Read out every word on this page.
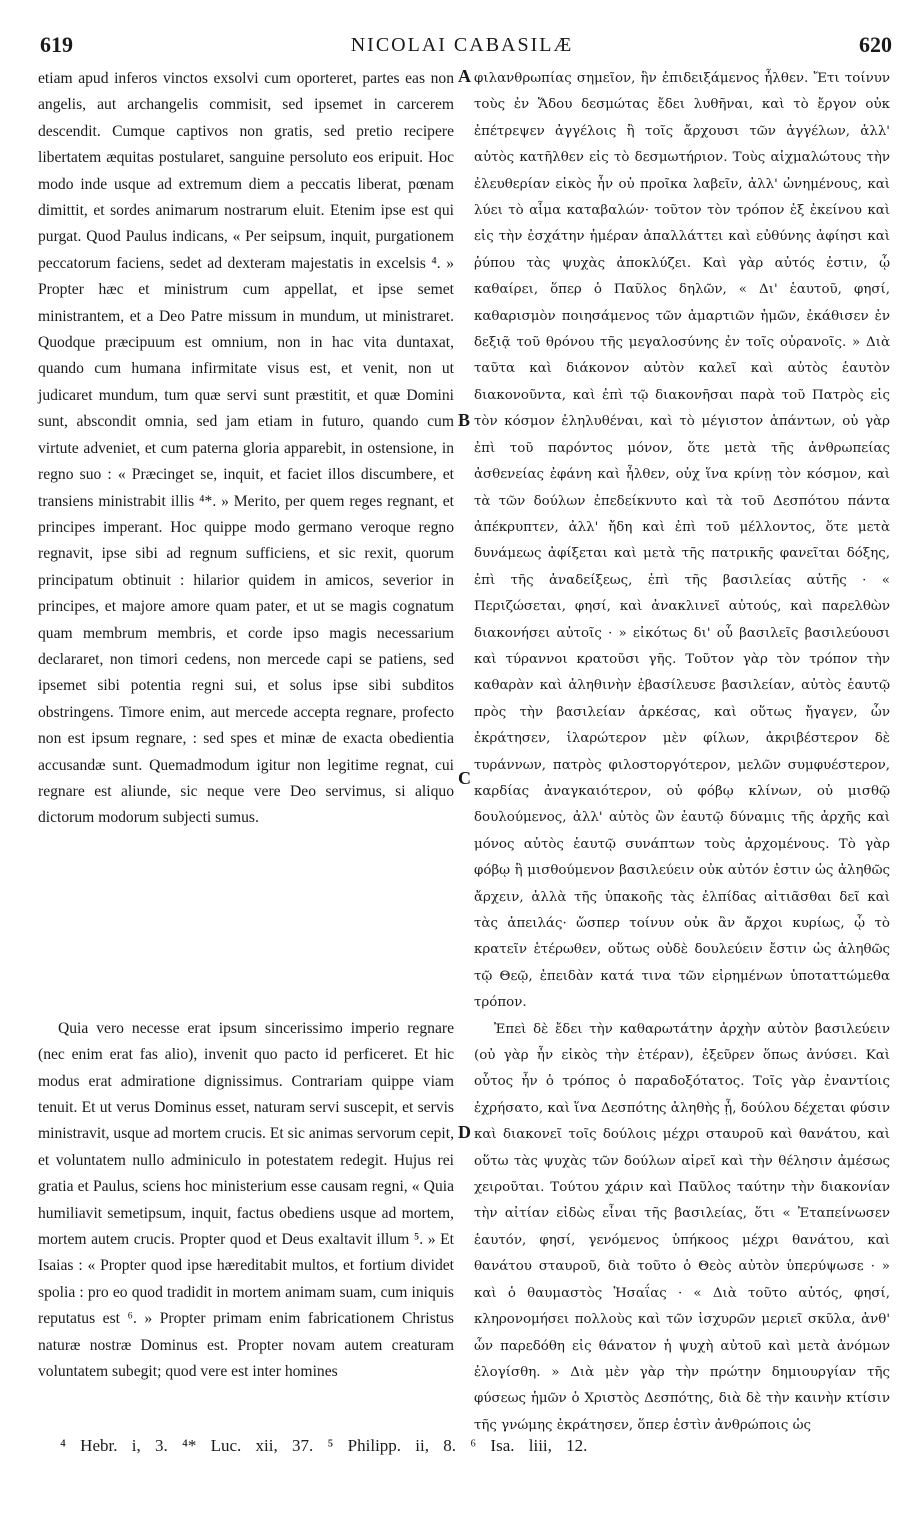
619	NICOLAI CABASILÆ	620

etiam apud inferos vinctos exsolvi cum oporteret, partes eas non angelis, aut archangelis commisit, sed ipsemet in carcerem descendit. Cumque captivos non gratis, sed pretio recipere libertatem æquitas postularet, sanguine persoluto eos eripuit. Hoc modo inde usque ad extremum diem a peccatis liberat, pœnam dimittit, et sordes animarum nostrarum eluit. Etenim ipse est qui purgat. Quod Paulus indicans, « Per seipsum, inquit, purgationem peccatorum faciens, sedet ad dexteram majestatis in excelsis ⁴. » Propter hæc et ministrum cum appellat, et ipse semet ministrantem, et a Deo Patre missum in mundum, ut ministraret. Quodque præcipuum est omnium, non in hac vita duntaxat, quando cum humana infirmitate visus est, et venit, non ut judicaret mundum, tum quæ servi sunt præstitit, et quæ Domini sunt, abscondit omnia, sed jam etiam in futuro, quando cum virtute adveniet, et cum paterna gloria apparebit, in ostensione, in regno suo : « Præcinget se, inquit, et faciet illos discumbere, et transiens ministrabit illis ⁴*. » Merito, per quem reges regnant, et principes imperant. Hoc quippe modo germano veroque regno regnavit, ipse sibi ad regnum sufficiens, et sic rexit, quorum principatum obtinuit : hilarior quidem in amicos, severior in principes, et majore amore quam pater, et ut se magis cognatum quam membrum membris, et corde ipso magis necessarium declararet, non timori cedens, non mercede capi se patiens, sed ipsemet sibi potentia regni sui, et solus ipse sibi subditos obstringens. Timore enim, aut mercede accepta regnare, profecto non est ipsum regnare, : sed spes et minæ de exacta obedientia accusandæ sunt. Quemadmodum igitur non legitime regnat, cui regnare est aliunde, sic neque vere Deo servimus, si aliquo dictorum modorum subjecti sumus.

Quia vero necesse erat ipsum sincerissimo imperio regnare (nec enim erat fas alio), invenit quo pacto id perficeret. Et hic modus erat admirationе dignissimus. Contrariam quippe viam tenuit. Et ut verus Dominus esset, naturam servi suscepit, et servis ministravit, usque ad mortem crucis. Et sic animas servorum cepit, et voluntatem nullo adminiculo in potestatem redegit. Hujus rei gratia et Paulus, sciens hoc ministerium esse causam regni, « Quia humiliavit semetipsum, inquit, factus obediens usque ad mortem, mortem autem crucis. Propter quod et Deus exaltavit illum ⁵. » Et Isaias : « Propter quod ipse hæreditabit multos, et fortium dividet spolia : pro eo quod tradidit in mortem animam suam, cum iniquis reputatus est ⁶. » Propter primam enim fabricationem Christus naturæ nostræ Dominus est. Propter novam autem creaturam voluntatem subegit; quod vere est inter homines

A
B
C
D

φιλανθρωπίας σημεῖον, ἣν ἐπιδειξάμενος ἦλθεν. Ἔτι τοίνυν τοὺς ἐν Ἅδου δεσμώτας ἔδει λυθῆναι, καὶ τὸ ἔργον οὐκ ἐπέτρεψεν ἀγγέλοις ἢ τοῖς ἄρχουσι τῶν ἀγγέλων, ἀλλ' αὐτὸς κατῆλθεν εἰς τὸ δεσμωτήριον. Τοὺς αἰχμαλώτους τὴν ἐλευθερίαν εἰκὸς ἦν οὐ προῖκα λαβεῖν, ἀλλ' ὠνημένους, καὶ λύει τὸ αἷμα καταβαλών· τοῦτον τὸν τρόπον ἐξ ἐκείνου καὶ εἰς τὴν ἐσχάτην ἡμέραν ἀπαλλάττει καὶ εὐθύνης ἀφίησι καὶ ῥύπου τὰς ψυχὰς ἀποκλύζει. Καὶ γὰρ αὐτός ἐστιν, ᾧ καθαίρει, ὅπερ ὁ Παῦλος δηλῶν, « Δι' ἑαυτοῦ, φησί, καθαρισμὸν ποιησάμενος τῶν ἁμαρτιῶν ἡμῶν, ἐκάθισεν ἐν δεξιᾷ τοῦ θρόνου τῆς μεγαλοσύνης ἐν τοῖς οὐρανοῖς. » Διὰ ταῦτα καὶ διάκονον αὐτὸν καλεῖ καὶ αὐτὸς ἑαυτὸν διακονοῦντα, καὶ ἐπὶ τῷ διακονῆσαι παρὰ τοῦ Πατρὸς εἰς τὸν κόσμον ἐληλυθέναι, καὶ τὸ μέγιστον ἁπάντων, οὐ γὰρ ἐπὶ τοῦ παρόντος μόνον, ὅτε μετὰ τῆς ἀνθρωπείας ἀσθενείας ἐφάνη καὶ ἦλθεν, οὐχ ἵνα κρίνῃ τὸν κόσμον, καὶ τὰ τῶν δούλων ἐπεδείκνυτο καὶ τὰ τοῦ Δεσπότου πάντα ἀπέκρυπτεν, ἀλλ' ἤδη καὶ ἐπὶ τοῦ μέλλοντος, ὅτε μετὰ δυνάμεως ἀφίξεται καὶ μετὰ τῆς πατρικῆς φανεῖται δόξης, ἐπὶ τῆς ἀναδείξεως, ἐπὶ τῆς βασιλείας αὐτῆς · « Περιζώσεται, φησί, καὶ ἀνακλινεῖ αὐτούς, καὶ παρελθὼν διακονήσει αὐτοῖς · » εἰκότως δι' οὗ βασιλεῖς βασιλεύουσι καὶ τύραννοι κρατοῦσι γῆς. Τοῦτον γὰρ τὸν τρόπον τὴν καθαρὰν καὶ ἀληθινὴν ἐβασίλευσε βασιλείαν, αὐτὸς ἑαυτῷ πρὸς τὴν βασιλείαν ἀρκέσας, καὶ οὕτως ἤγαγεν, ὧν ἐκράτησεν, ἱλαρώτερον μὲν φίλων, ἀκριβέστερον δὲ τυράννων, πατρὸς φιλοστοργότερον, μελῶν συμφυέστερον, καρδίας ἀναγκαιότερον, οὐ φόβῳ κλίνων, οὐ μισθῷ δουλούμενος, ἀλλ' αὐτὸς ὢν ἑαυτῷ δύναμις τῆς ἀρχῆς καὶ μόνος αὐτὸς ἑαυτῷ συνάπτων τοὺς ἀρχομένους. Τὸ γὰρ φόβῳ ἢ μισθούμενον βασιλεύειν οὐκ αὐτόν ἐστιν ὡς ἀληθῶς ἄρχειν, ἀλλὰ τῆς ὑπακοῆς τὰς ἐλπίδας αἰτιᾶσθαι δεῖ καὶ τὰς ἀπειλάς· ὥσπερ τοίνυν οὐκ ἂν ἄρχοι κυρίως, ᾧ τὸ κρατεῖν ἑτέρωθεν, οὕτως οὐδὲ δουλεύειν ἔστιν ὡς ἀληθῶς τῷ Θεῷ, ἐπειδὰν κατά τινα τῶν εἰρημένων ὑποταττώμεθα τρόπον.

Ἐπεὶ δὲ ἔδει τὴν καθαρωτάτην ἀρχὴν αὐτὸν βασιλεύειν (οὐ γὰρ ἦν εἰκὸς τὴν ἑτέραν), ἐξεῦρεν ὅπως ἀνύσει. Καὶ οὗτος ἦν ὁ τρόπος ὁ παραδοξότατος. Τοῖς γὰρ ἐναντίοις ἐχρήσατο, καὶ ἵνα Δεσπότης ἀληθὴς ᾖ, δούλου δέχεται φύσιν καὶ διακονεῖ τοῖς δούλοις μέχρι σταυροῦ καὶ θανάτου, καὶ οὕτω τὰς ψυχὰς τῶν δούλων αἱρεῖ καὶ τὴν θέλησιν ἀμέσως χειροῦται. Τούτου χάριν καὶ Παῦλος ταύτην τὴν διακονίαν τὴν αἰτίαν εἰδὼς εἶναι τῆς βασιλείας, ὅτι « Ἐταπείνωσεν ἑαυτόν, φησί, γενόμενος ὑπήκοος μέχρι θανάτου, καὶ θανάτου σταυροῦ, διὰ τοῦτο ὁ Θεὸς αὐτὸν ὑπερύψωσε · » καὶ ὁ θαυμαστὸς Ἡσαΐας · « Διὰ τοῦτο αὐτός, φησί, κληρονομήσει πολλοὺς καὶ τῶν ἰσχυρῶν μεριεῖ σκῦλα, ἀνθ' ὧν παρεδόθη εἰς θάνατον ἡ ψυχὴ αὐτοῦ καὶ μετὰ ἀνόμων ἐλογίσθη. » Διὰ μὲν γὰρ τὴν πρώτην δημιουργίαν τῆς φύσεως ἡμῶν ὁ Χριστὸς Δεσπότης, διὰ δὲ τὴν καινὴν κτίσιν τῆς γνώμης ἐκράτησεν, ὅπερ ἐστὶν ἀνθρώποις ὡς

⁴ Hebr. i, 3. ⁴* Luc. xii, 37. ⁵ Philipp. ii, 8. ⁶ Isa. liii, 12.
